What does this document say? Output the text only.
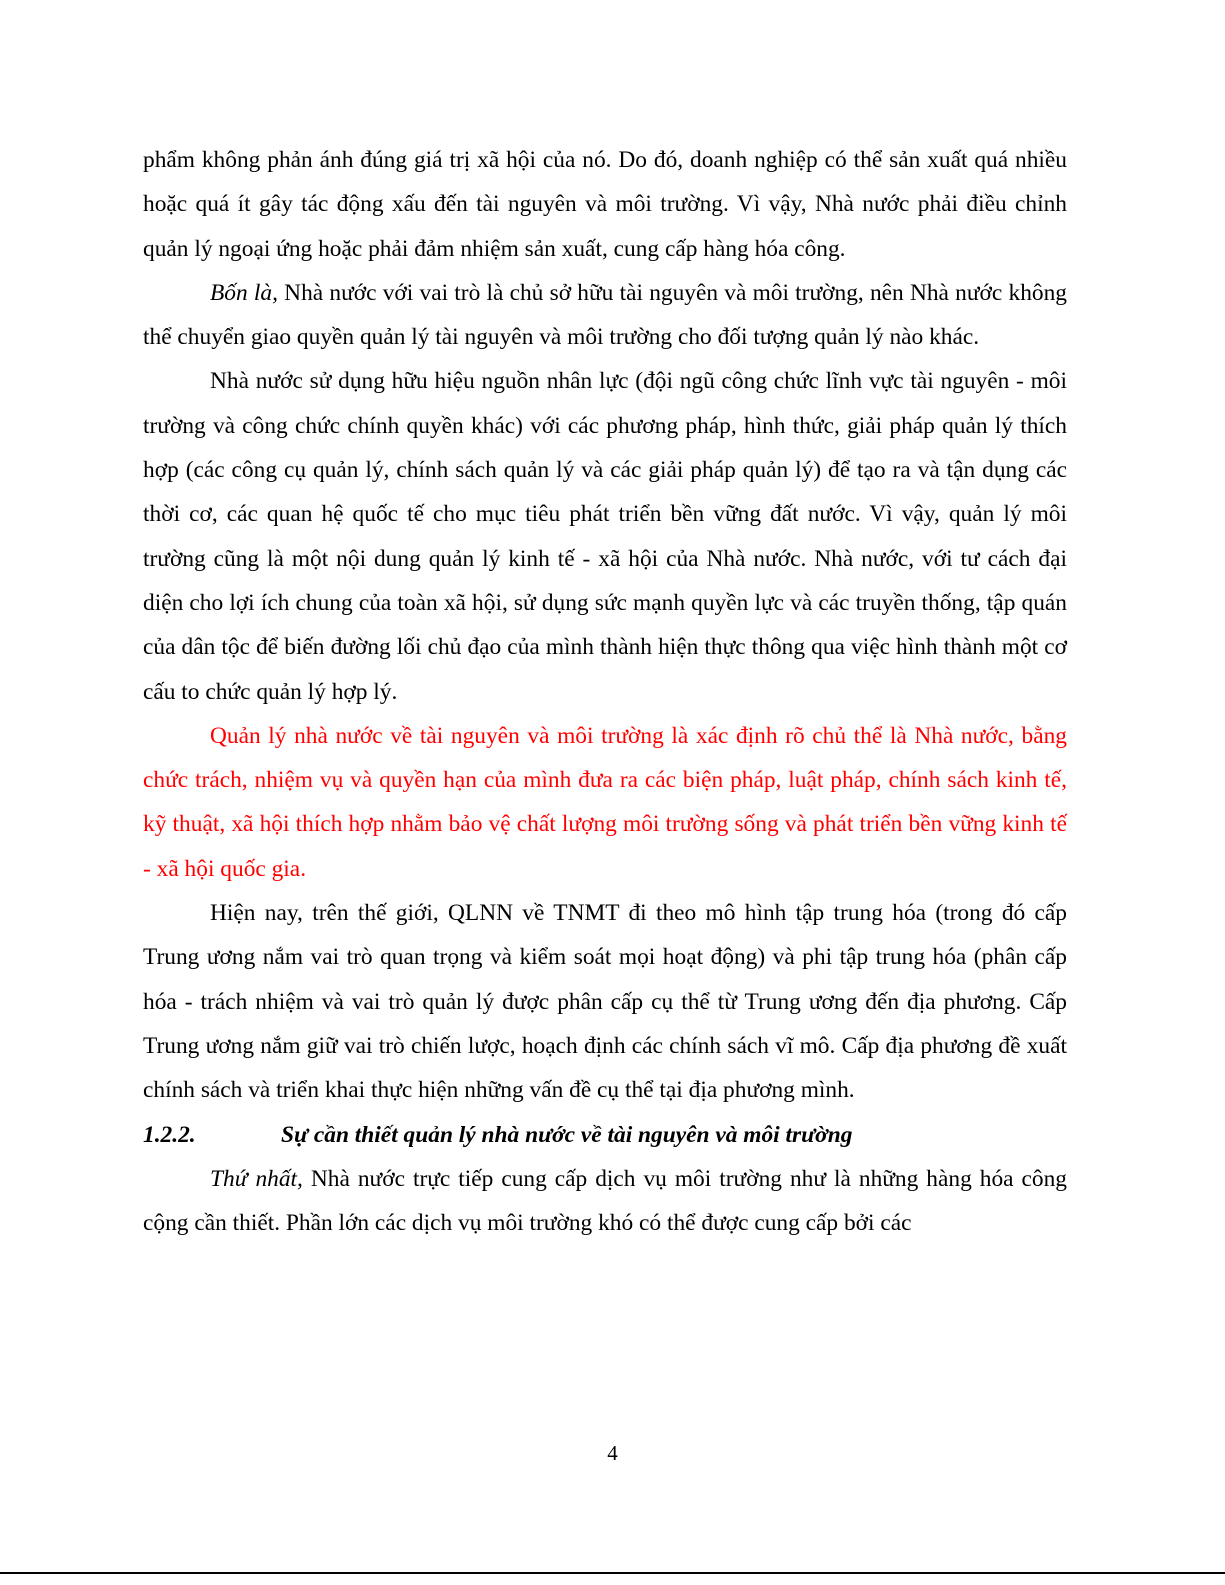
phẩm không phản ánh đúng giá trị xã hội của nó. Do đó, doanh nghiệp có thể sản xuất quá nhiều hoặc quá ít gây tác động xấu đến tài nguyên và môi trường. Vì vậy, Nhà nước phải điều chỉnh quản lý ngoại ứng hoặc phải đảm nhiệm sản xuất, cung cấp hàng hóa công.

Bốn là, Nhà nước với vai trò là chủ sở hữu tài nguyên và môi trường, nên Nhà nước không thể chuyển giao quyền quản lý tài nguyên và môi trường cho đối tượng quản lý nào khác.

Nhà nước sử dụng hữu hiệu nguồn nhân lực (đội ngũ công chức lĩnh vực tài nguyên - môi trường và công chức chính quyền khác) với các phương pháp, hình thức, giải pháp quản lý thích hợp (các công cụ quản lý, chính sách quản lý và các giải pháp quản lý) để tạo ra và tận dụng các thời cơ, các quan hệ quốc tế cho mục tiêu phát triển bền vững đất nước. Vì vậy, quản lý môi trường cũng là một nội dung quản lý kinh tế - xã hội của Nhà nước. Nhà nước, với tư cách đại diện cho lợi ích chung của toàn xã hội, sử dụng sức mạnh quyền lực và các truyền thống, tập quán của dân tộc để biến đường lối chủ đạo của mình thành hiện thực thông qua việc hình thành một cơ cấu to chức quản lý hợp lý.

Quản lý nhà nước về tài nguyên và môi trường là xác định rõ chủ thể là Nhà nước, bằng chức trách, nhiệm vụ và quyền hạn của mình đưa ra các biện pháp, luật pháp, chính sách kinh tế, kỹ thuật, xã hội thích hợp nhằm bảo vệ chất lượng môi trường sống và phát triển bền vững kinh tế - xã hội quốc gia.

Hiện nay, trên thế giới, QLNN về TNMT đi theo mô hình tập trung hóa (trong đó cấp Trung ương nắm vai trò quan trọng và kiểm soát mọi hoạt động) và phi tập trung hóa (phân cấp hóa - trách nhiệm và vai trò quản lý được phân cấp cụ thể từ Trung ương đến địa phương. Cấp Trung ương nắm giữ vai trò chiến lược, hoạch định các chính sách vĩ mô. Cấp địa phương đề xuất chính sách và triển khai thực hiện những vấn đề cụ thể tại địa phương mình.

1.2.2.	Sự cần thiết quản lý nhà nước về tài nguyên và môi trường

Thứ nhất, Nhà nước trực tiếp cung cấp dịch vụ môi trường như là những hàng hóa công cộng cần thiết. Phần lớn các dịch vụ môi trường khó có thể được cung cấp bởi các

4
